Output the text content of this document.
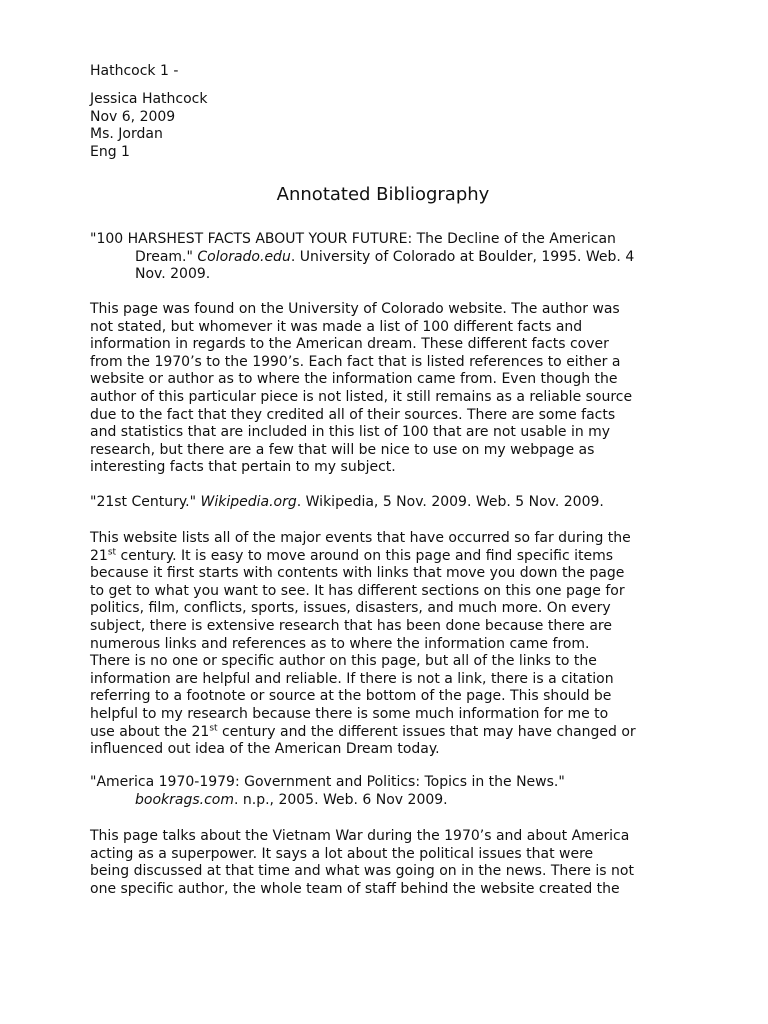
Hathcock 1 -

Jessica Hathcock

Nov 6, 2009

Ms. Jordan

Eng 1

Annotated Bibliography

"100 HARSHEST FACTS ABOUT YOUR FUTURE: The Decline of the American

Dream." Colorado.edu. University of Colorado at Boulder, 1995. Web. 4

Nov. 2009.

This page was found on the University of Colorado website. The author was

not stated, but whomever it was made a list of 100 different facts and

information in regards to the American dream. These different facts cover

from the 1970’s to the 1990’s. Each fact that is listed references to either a

website or author as to where the information came from. Even though the

author of this particular piece is not listed, it still remains as a reliable source

due to the fact that they credited all of their sources. There are some facts

and statistics that are included in this list of 100 that are not usable in my

research, but there are a few that will be nice to use on my webpage as

interesting facts that pertain to my subject.

"21st Century." Wikipedia.org. Wikipedia, 5 Nov. 2009. Web. 5 Nov. 2009.

This website lists all of the major events that have occurred so far during the

21st century. It is easy to move around on this page and find specific items

because it first starts with contents with links that move you down the page

to get to what you want to see. It has different sections on this one page for

politics, film, conflicts, sports, issues, disasters, and much more. On every

subject, there is extensive research that has been done because there are

numerous links and references as to where the information came from.

There is no one or specific author on this page, but all of the links to the

information are helpful and reliable. If there is not a link, there is a citation

referring to a footnote or source at the bottom of the page. This should be

helpful to my research because there is some much information for me to

use about the 21st century and the different issues that may have changed or

influenced out idea of the American Dream today.

"America 1970-1979: Government and Politics: Topics in the News."

bookrags.com. n.p., 2005. Web. 6 Nov 2009.

This page talks about the Vietnam War during the 1970’s and about America

acting as a superpower. It says a lot about the political issues that were

being discussed at that time and what was going on in the news. There is not

one specific author, the whole team of staff behind the website created the
